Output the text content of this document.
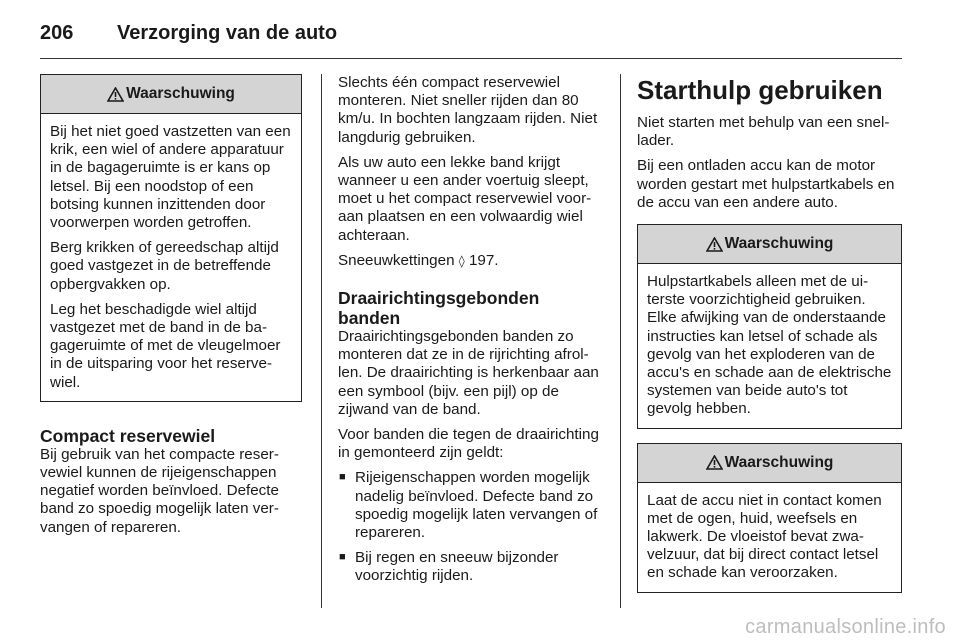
206	Verzorging van de auto
Waarschuwing

Bij het niet goed vastzetten van een krik, een wiel of andere apparatuur in de bagageruimte is er kans op letsel. Bij een noodstop of een botsing kunnen inzittenden door voorwerpen worden getroffen.

Berg krikken of gereedschap altijd goed vastgezet in de betreffende opbergvakken op.

Leg het beschadigde wiel altijd vastgezet met de band in de bagageruimte of met de vleugelmoer in de uitsparing voor het reservewiel.

Compact reservewiel

Bij gebruik van het compacte reservewiel kunnen de rijeigenschappen negatief worden beïnvloed. Defecte band zo spoedig mogelijk laten vervangen of repareren.

Slechts één compact reservewiel monteren. Niet sneller rijden dan 80 km/u. In bochten langzaam rijden. Niet langdurig gebruiken.

Als uw auto een lekke band krijgt wanneer u een ander voertuig sleept, moet u het compact reservewiel vooraan plaatsen en een volwaardig wiel achteraan.

Sneeuwkettingen ◊ 197.

Draairichtingsgebonden banden

Draairichtingsgebonden banden zo monteren dat ze in de rijrichting afrollen. De draairichting is herkenbaar aan een symbool (bijv. een pijl) op de zijwand van de band.

Voor banden die tegen de draairichting in gemonteerd zijn geldt:

■ Rijeigenschappen worden mogelijk nadelig beïnvloed. Defecte band zo spoedig mogelijk laten vervangen of repareren.
■ Bij regen en sneeuw bijzonder voorzichtig rijden.
Starthulp gebruiken

Niet starten met behulp van een snellader.

Bij een ontladen accu kan de motor worden gestart met hulpstartkabels en de accu van een andere auto.

Waarschuwing

Hulpstartkabels alleen met de uiterste voorzichtigheid gebruiken. Elke afwijking van de onderstaande instructies kan letsel of schade als gevolg van het exploderen van de accu's en schade aan de elektrische systemen van beide auto's tot gevolg hebben.

Waarschuwing

Laat de accu niet in contact komen met de ogen, huid, weefsels en lakwerk. De vloeistof bevat zwavelzuur, dat bij direct contact letsel en schade kan veroorzaken.

carmanualsonline.info
